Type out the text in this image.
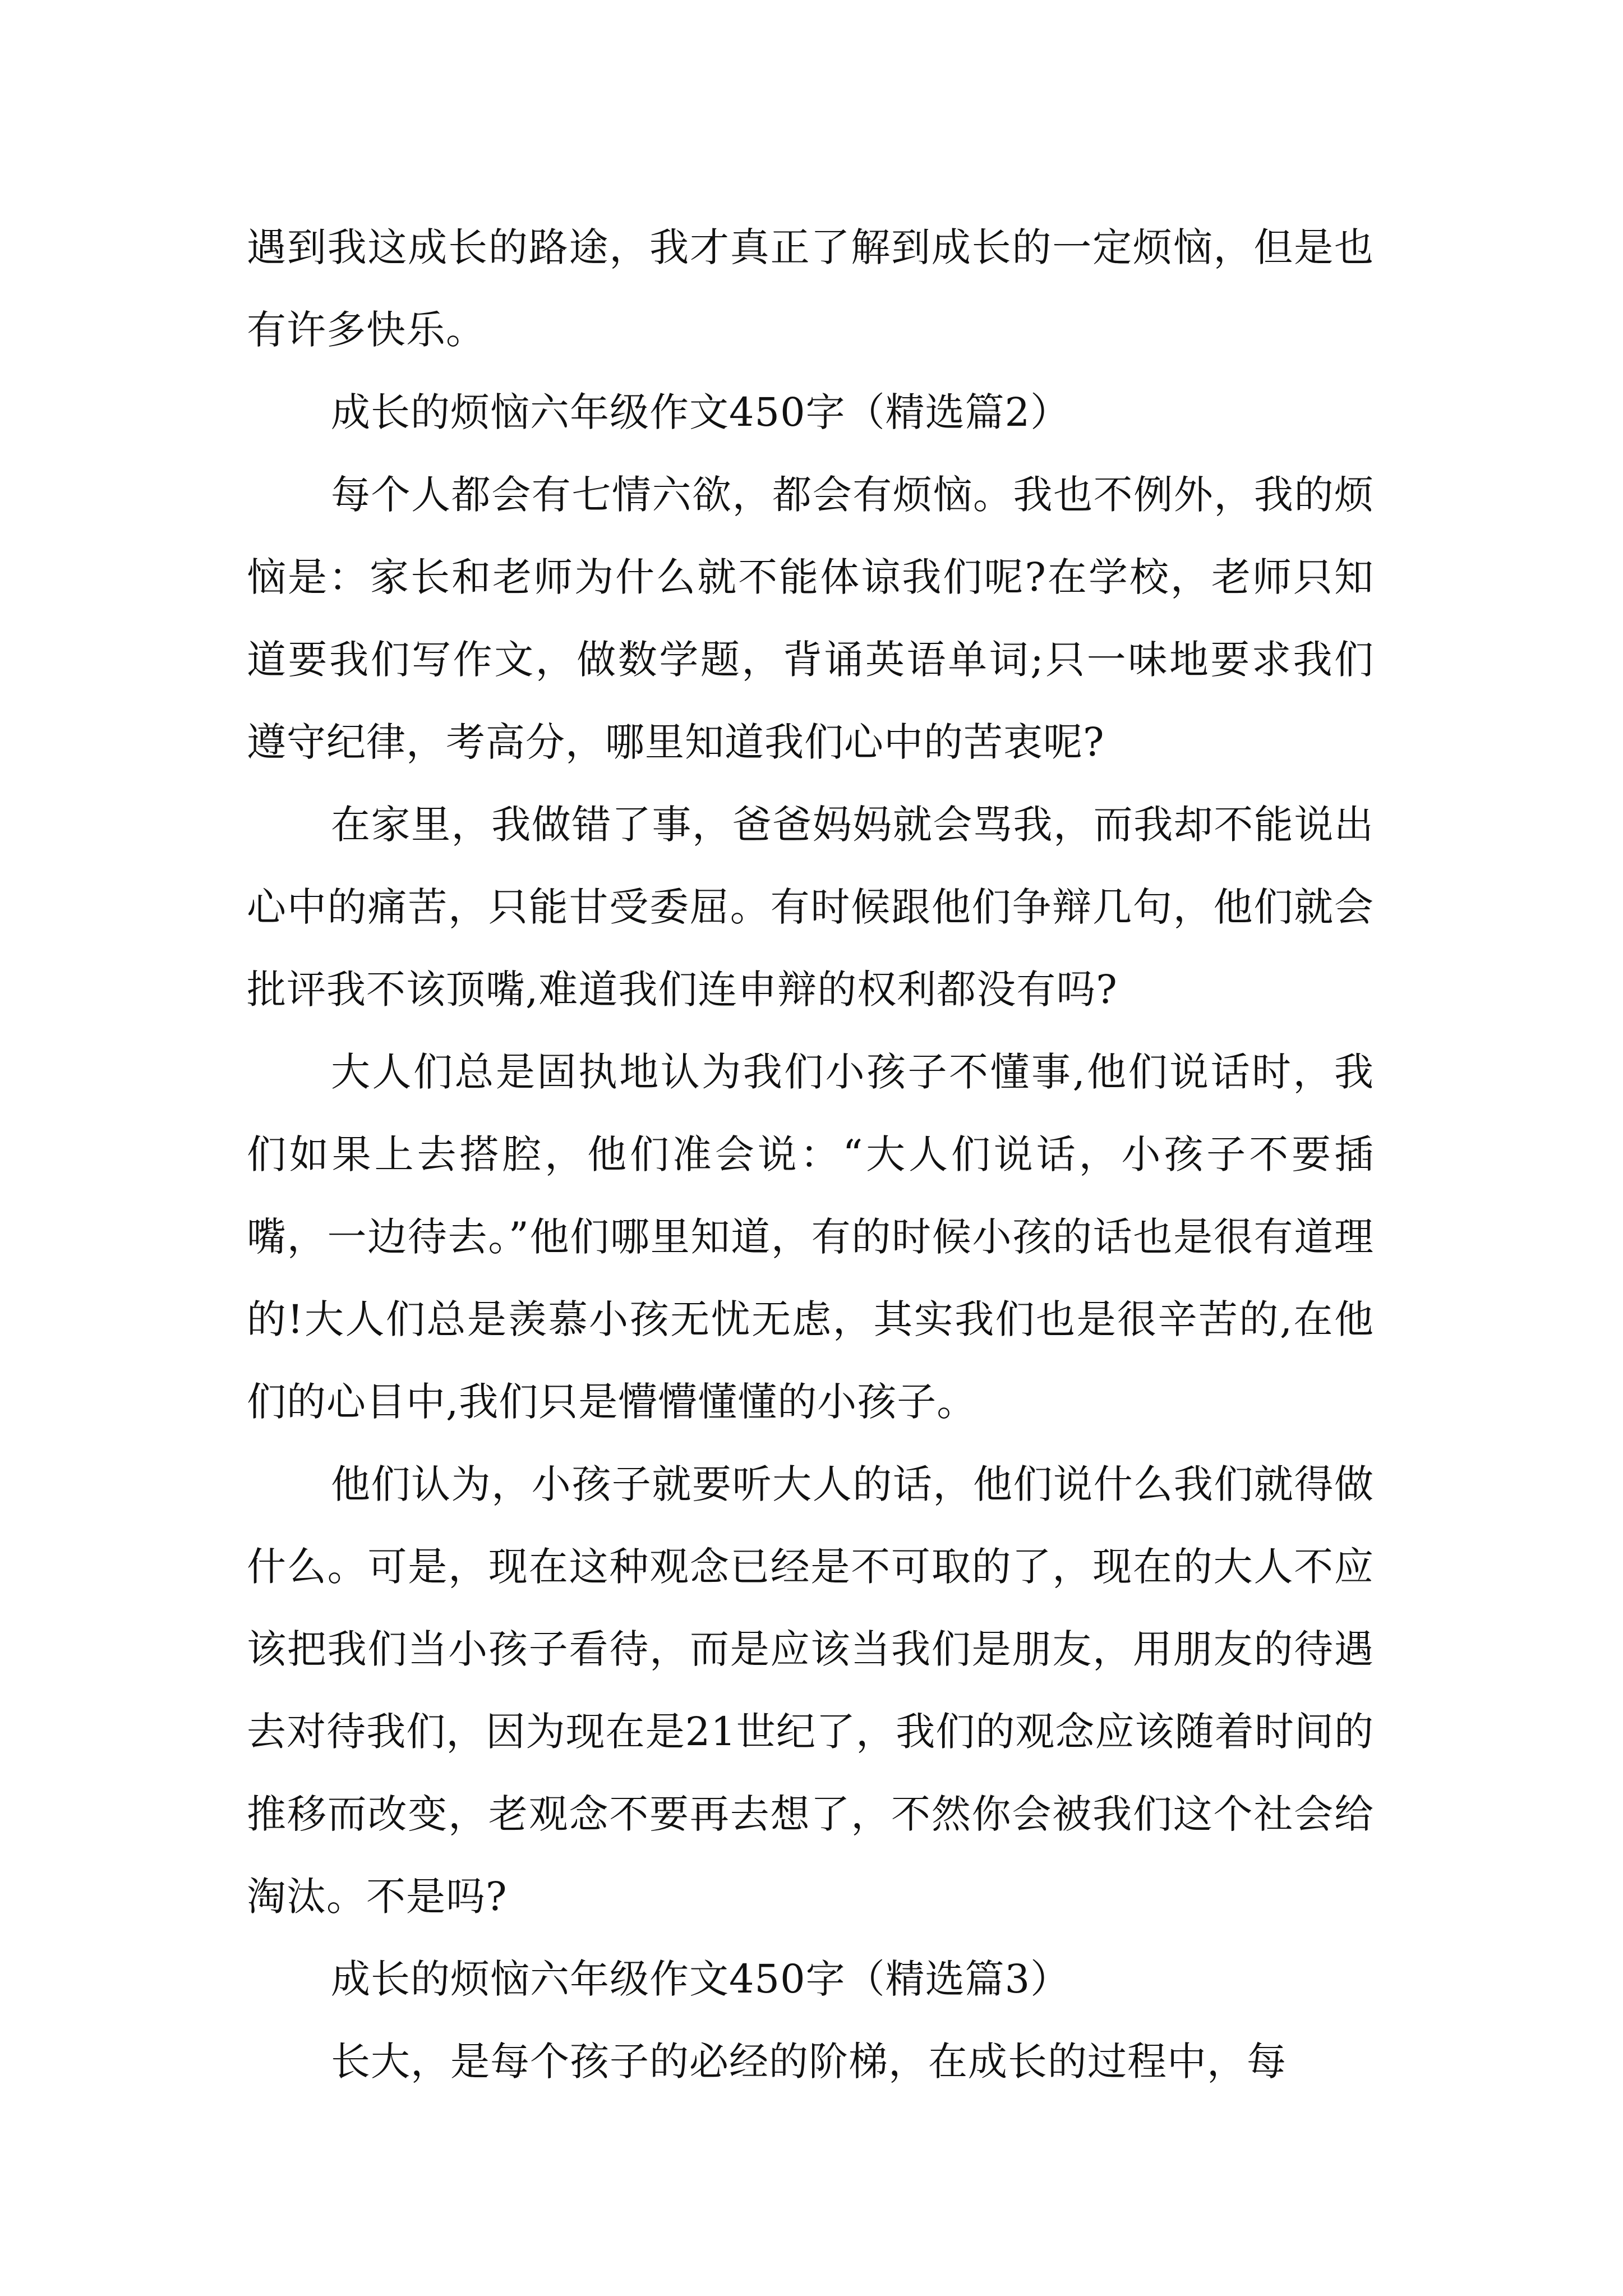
遇到我这成长的路途，我才真正了解到成长的一定烦恼，但是也有许多快乐。

成长的烦恼六年级作文450字（精选篇2）

每个人都会有七情六欲，都会有烦恼。我也不例外，我的烦恼是：家长和老师为什么就不能体谅我们呢?在学校，老师只知道要我们写作文，做数学题，背诵英语单词;只一味地要求我们遵守纪律，考高分，哪里知道我们心中的苦衷呢?

在家里，我做错了事，爸爸妈妈就会骂我，而我却不能说出心中的痛苦，只能甘受委屈。有时候跟他们争辩几句，他们就会批评我不该顶嘴,难道我们连申辩的权利都没有吗?

大人们总是固执地认为我们小孩子不懂事,他们说话时，我们如果上去搭腔，他们准会说：“大人们说话，小孩子不要插嘴，一边待去。”他们哪里知道，有的时候小孩的话也是很有道理的!大人们总是羡慕小孩无忧无虑，其实我们也是很辛苦的,在他们的心目中,我们只是懵懵懂懂的小孩子。

他们认为，小孩子就要听大人的话，他们说什么我们就得做什么。可是，现在这种观念已经是不可取的了，现在的大人不应该把我们当小孩子看待，而是应该当我们是朋友，用朋友的待遇去对待我们，因为现在是21世纪了，我们的观念应该随着时间的推移而改变，老观念不要再去想了，不然你会被我们这个社会给淘汰。不是吗?

成长的烦恼六年级作文450字（精选篇3）

长大，是每个孩子的必经的阶梯，在成长的过程中，每
